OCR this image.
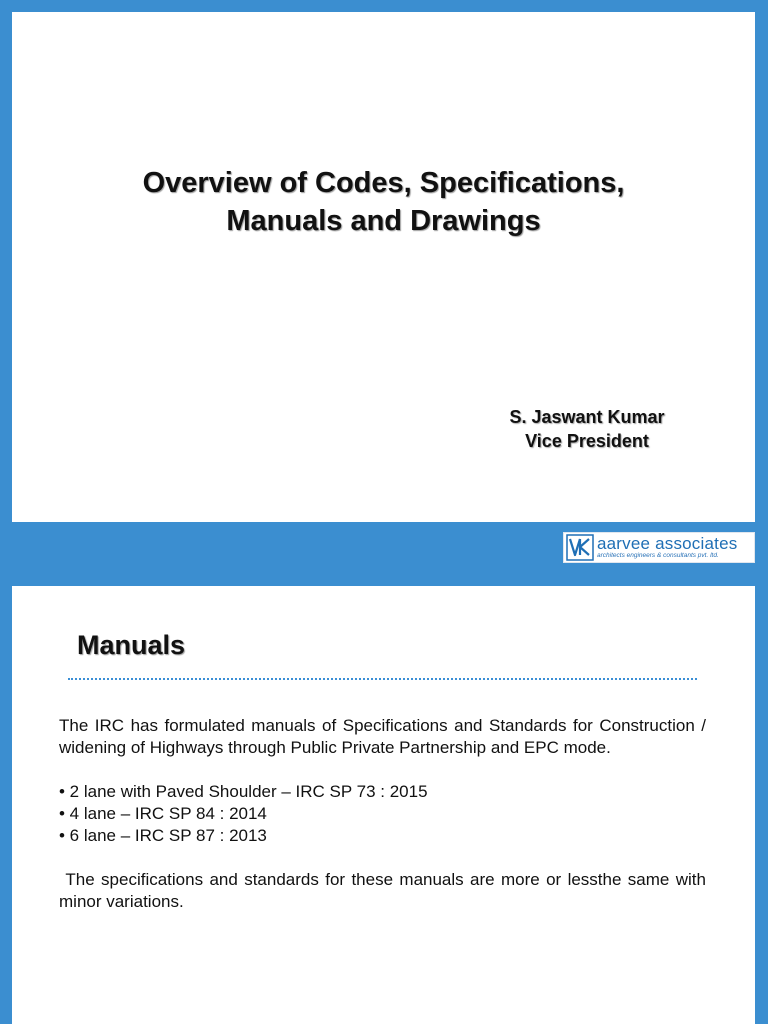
Overview of Codes, Specifications,
Manuals and Drawings
S. Jaswant Kumar
Vice President
aarvee associates
architects engineers & consultants pvt. ltd.
Manuals

The IRC has formulated manuals of Specifications and Standards for Construction / widening of Highways through Public Private Partnership and EPC mode.

• 2 lane with Paved Shoulder – IRC SP 73 : 2015
• 4 lane – IRC SP 84 : 2014
• 6 lane – IRC SP 87 : 2013

The specifications and standards for these manuals are more or lessthe same with minor variations.
